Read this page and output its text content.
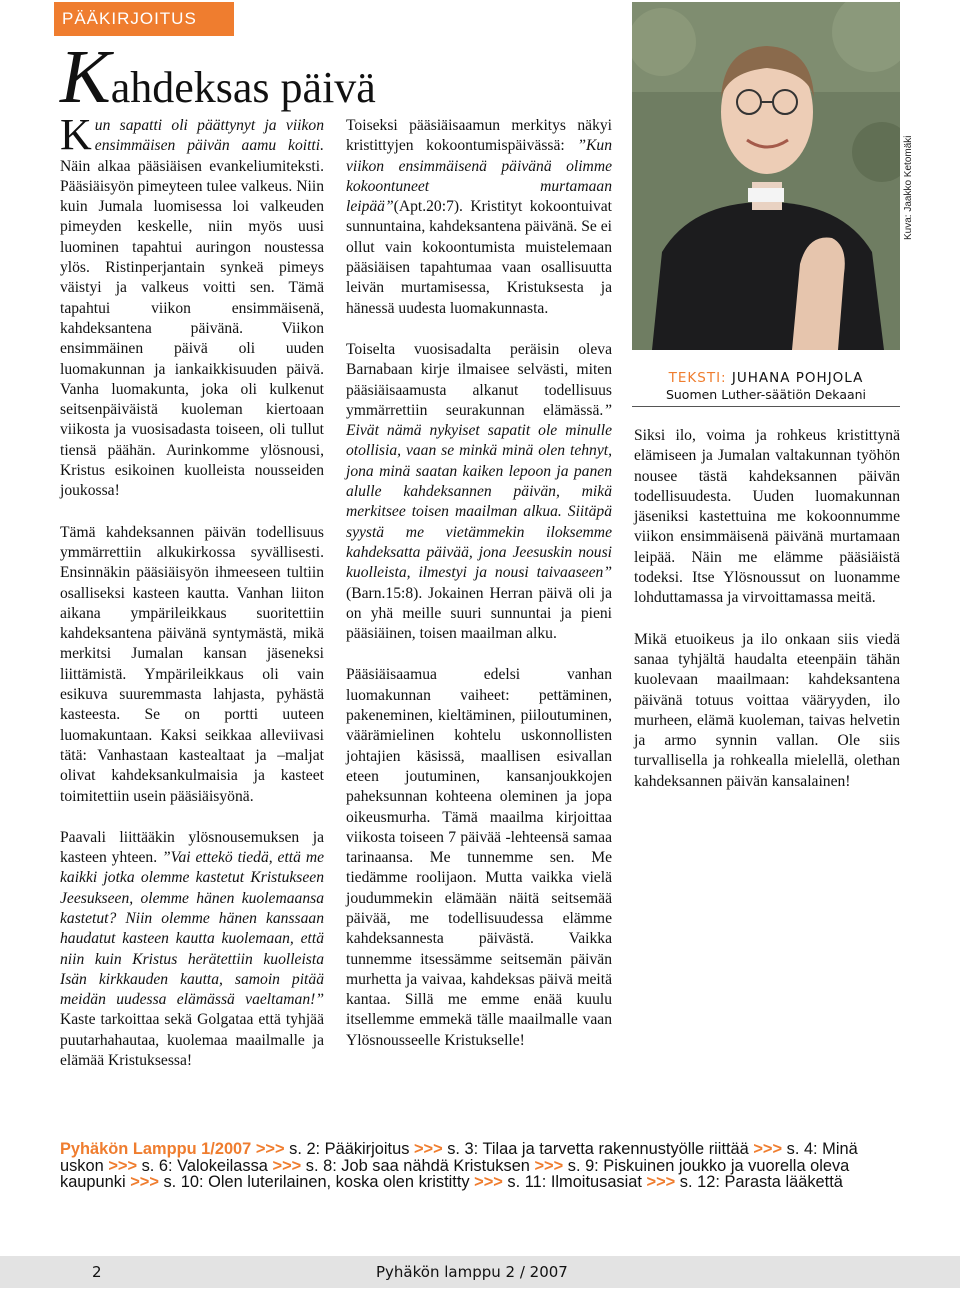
PÄÄKIRJOITUS
Kahdeksas päivä

Kun sapatti oli päättynyt ja viikon ensimmäisen päivän aamu koitti. Näin alkaa pääsiäisen evankeliumiteksti. Pääsiäisyön pimeyteen tulee valkeus. Niin kuin Jumala luomisessa loi valkeuden pimeyden keskelle, niin myös uusi luominen tapahtui auringon noustessa ylös. Ristinperjantain synkeä pimeys väistyi ja valkeus voitti sen. Tämä tapahtui viikon ensimmäisenä, kahdeksantena päivänä. Viikon ensimmäinen päivä oli uuden luomakunnan ja iankaikkisuuden päivä. Vanha luomakunta, joka oli kulkenut seitsenpäiväistä kuoleman kiertoaan viikosta ja vuosisadasta toiseen, oli tullut tiensä päähän. Aurinkomme ylösnousi, Kristus esikoinen kuolleista nousseiden joukossa!

Tämä kahdeksannen päivän todellisuus ymmärrettiin alkukirkossa syvällisesti. Ensinnäkin pääsiäisyön ihmeeseen tultiin osalliseksi kasteen kautta. Vanhan liiton aikana ympärileikkaus suoritettiin kahdeksantena päivänä syntymästä, mikä merkitsi Jumalan kansan jäseneksi liittämistä. Ympärileikkaus oli vain esikuva suuremmasta lahjasta, pyhästä kasteesta. Se on portti uuteen luomakuntaan. Kaksi seikkaa alleviivasi tätä: Vanhastaan kastealtaat ja –maljat olivat kahdeksankulmaisia ja kasteet toimitettiin usein pääsiäisyönä.

Paavali liittääkin ylösnousemuksen ja kasteen yhteen. ”Vai ettekö tiedä, että me kaikki jotka olemme kastetut Kristukseen Jeesukseen, olemme hänen kuolemaansa kastetut? Niin olemme hänen kanssaan haudatut kasteen kautta kuolemaan, että niin kuin Kristus herätettiin kuolleista Isän kirkkauden kautta, samoin pitää meidän uudessa elämässä vaeltaman!” Kaste tarkoittaa sekä Golgataa että tyhjää puutarhahautaa, kuolemaa maailmalle ja elämää Kristuksessa!

Toiseksi pääsiäisaamun merkitys näkyi kristittyjen kokoontumispäivässä: ”Kun viikon ensimmäisenä päivänä olimme kokoontuneet murtamaan leipää”(Apt.20:7). Kristityt kokoontuivat sunnuntaina, kahdeksantena päivänä. Se ei ollut vain kokoontumista muistelemaan pääsiäisen tapahtumaa vaan osallisuutta leivän murtamisessa, Kristuksesta ja hänessä uudesta luomakunnasta.

Toiselta vuosisadalta peräisin oleva Barnabaan kirje ilmaisee selvästi, miten pääsiäisaamusta alkanut todellisuus ymmärrettiin seurakunnan elämässä.” Eivät nämä nykyiset sapatit ole minulle otollisia, vaan se minkä minä olen tehnyt, jona minä saatan kaiken lepoon ja panen alulle kahdeksannen päivän, mikä merkitsee toisen maailman alkua. Siitäpä syystä me vietämmekin iloksemme kahdeksatta päivää, jona Jeesuskin nousi kuolleista, ilmestyi ja nousi taivaaseen” (Barn.15:8). Jokainen Herran päivä oli ja on yhä meille suuri sunnuntai ja pieni pääsiäinen, toisen maailman alku.

Pääsiäisaamua edelsi vanhan luomakunnan vaiheet: pettäminen, pakeneminen, kieltäminen, piiloutuminen, väärämielinen kohtelu uskonnollisten johtajien käsissä, maallisen esivallan eteen joutuminen, kansanjoukkojen paheksunnan kohteena oleminen ja jopa oikeusmurha. Tämä maailma kirjoittaa viikosta toiseen 7 päivää -lehteensä samaa tarinaansa. Me tunnemme sen. Me tiedämme roolijaon. Mutta vaikka vielä joudummekin elämään näitä seitsemää päivää, me todellisuudessa elämme kahdeksannesta päivästä. Vaikka tunnemme itsessämme seitsemän päivän murhetta ja vaivaa, kahdeksas päivä meitä kantaa. Sillä me emme enää kuulu itsellemme emmekä tälle maailmalle vaan Ylösnousseelle Kristukselle!

Kuva: Jaakko Ketomäki
TEKSTI: JUHANA POHJOLA
Suomen Luther-säätiön Dekaani

Siksi ilo, voima ja rohkeus kristittynä elämiseen ja Jumalan valtakunnan työhön nousee tästä kahdeksannen päivän todellisuudesta. Uuden luomakunnan jäseniksi kastettuina me kokoonnumme viikon ensimmäisenä päivänä murtamaan leipää. Näin me elämme pääsiäistä todeksi. Itse Ylösnoussut on luonamme lohduttamassa ja virvoittamassa meitä.

Mikä etuoikeus ja ilo onkaan siis viedä sanaa tyhjältä haudalta eteenpäin tähän kuolevaan maailmaan: kahdeksantena päivänä totuus voittaa vääryyden, ilo murheen, elämä kuoleman, taivas helvetin ja armo synnin vallan. Ole siis turvallisella ja rohkealla mielellä, olethan kahdeksannen päivän kansalainen!

Pyhäkön Lamppu 1/2007 >>> s. 2: Pääkirjoitus >>> s. 3: Tilaa ja tarvetta rakennustyölle riittää >>> s. 4: Minä uskon >>> s. 6: Valokeilassa >>> s. 8: Job saa nähdä Kristuksen >>> s. 9: Piskuinen joukko ja vuorella oleva kaupunki >>> s. 10: Olen luterilainen, koska olen kristitty >>> s. 11: Ilmoitusasiat >>> s. 12: Parasta lääkettä
2	Pyhäkön lamppu 2 / 2007
